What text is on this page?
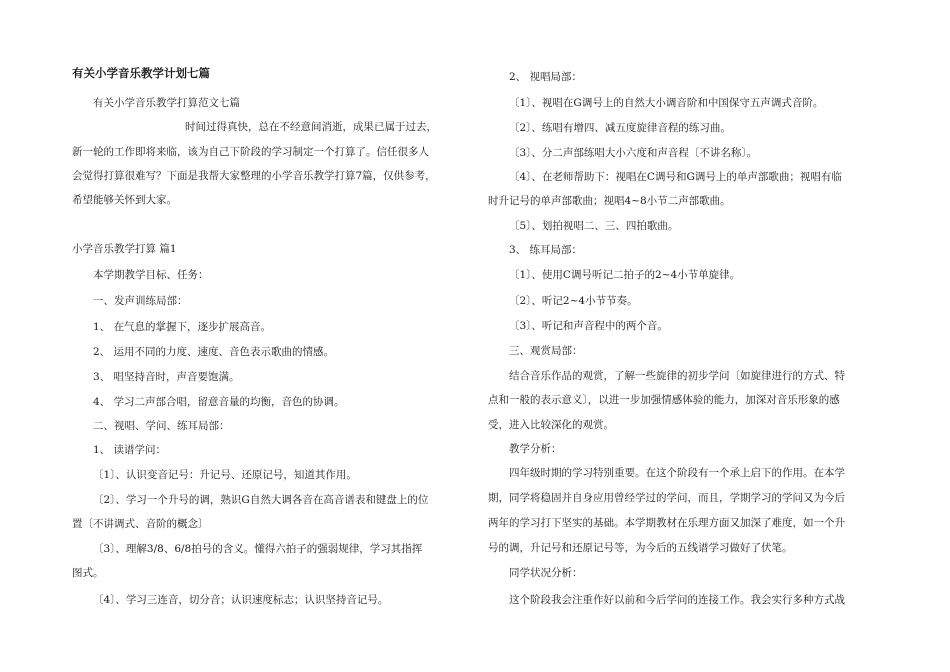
有关小学音乐教学计划七篇

有关小学音乐教学打算范文七篇

时间过得真快，总在不经意间消逝，成果已属于过去，

新一轮的工作即将来临，该为自己下阶段的学习制定一个打算了。信任很多人

会觉得打算很难写？下面是我帮大家整理的小学音乐教学打算7篇，仅供参考，

希望能够关怀到大家。

小学音乐教学打算 篇1

本学期教学目标、任务：

一、发声训练局部：

1、 在气息的掌握下，逐步扩展高音。

2、 运用不同的力度、速度、音色表示歌曲的情感。

3、 唱坚持音时，声音要饱满。

4、 学习二声部合唱，留意音量的均衡，音色的协调。

二、视唱、学问、练耳局部：

1、 读谱学问：

〔1〕、认识变音记号：升记号、还原记号，知道其作用。

〔2〕、学习一个升号的调，熟识G自然大调各音在高音谱表和键盘上的位

置〔不讲调式、音阶的概念〕

〔3〕、理解3/8、6/8拍号的含义。懂得六拍子的强弱规律，学习其指挥

图式。

〔4〕、学习三连音，切分音；认识速度标志；认识坚持音记号。

2、 视唱局部：

〔1〕、视唱在G调号上的自然大小调音阶和中国保守五声调式音阶。

〔2〕、练唱有增四、减五度旋律音程的练习曲。

〔3〕、分二声部练唱大小六度和声音程〔不讲名称〕。

〔4〕、在老师帮助下：视唱在C调号和G调号上的单声部歌曲；视唱有临

时升记号的单声部歌曲；视唱4~8小节二声部歌曲。

〔5〕、划拍视唱二、三、四拍歌曲。

3、 练耳局部：

〔1〕、使用C调号听记二拍子的2~4小节单旋律。

〔2〕、听记2~4小节节奏。

〔3〕、听记和声音程中的两个音。

三、观赏局部：

结合音乐作品的观赏，了解一些旋律的初步学问〔如旋律进行的方式、特

点和一般的表示意义〕，以进一步加强情感体验的能力，加深对音乐形象的感

受，进入比较深化的观赏。

教学分析：

四年级时期的学习特别重要。在这个阶段有一个承上启下的作用。在本学

期，同学将稳固并自身应用曾经学过的学问，而且，学期学习的学问又为今后

两年的学习打下坚实的基础。本学期教材在乐理方面又加深了难度，如一个升

号的调，升记号和还原记号等，为今后的五线谱学习做好了伏笔。

同学状况分析：

这个阶段我会注重作好以前和今后学问的连接工作。我会实行多种方式战
